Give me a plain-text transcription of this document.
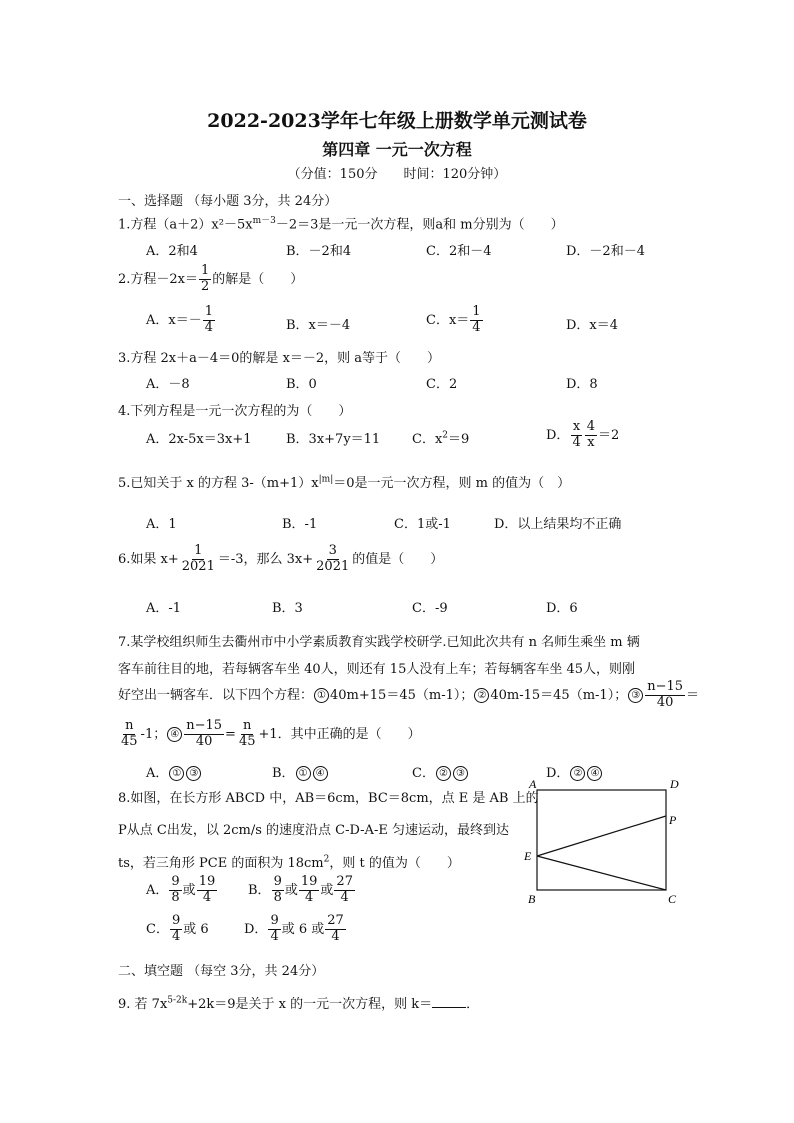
2022-2023学年七年级上册数学单元测试卷
第四章 一元一次方程
（分值：150分　　时间：120分钟）
一、选择题 （每小题 3分，共 24分）
1.方程$(a+2)x^2-5x^{m-3}-2=3$是一元一次方程，则a和 m分别为（　　）
A．2和4	B．－2和4	C．2和－4	D．－2和－4
2.方程$-2x= \frac{1}{2}$ 的解是（　　）
A．$x=- \frac{1}{4}$	B．x＝－4	C．$x= \frac{1}{4}$	D．x＝4
3.方程 2x＋a－4＝0的解是 x＝－2，则 a等于（　　）
A．－8	B．0	C．2	D．8
4.下列方程是一元一次方程的为（　　）
A．2x-5x＝3x+1	B．3x+7y＝11 C．$x^2=9$	D． $\frac{x}{4} \frac{4}{x} =2$
5.已知关于 x 的方程 $3-(m+1)x^{|m|}=0$是一元一次方程，则 m 的值为（　）
A．1	B．-1	C．1或-1	D．以上结果均不正确
6.如果 $x+ \frac{1}{2021} =-3$，那么 $3x+ \frac{3}{2021}$ 的值是（　　）
A．-1	B．3	C．-9	D．6
7.某学校组织师生去衢州市中小学素质教育实践学校研学.已知此次共有 n 名师生乘坐 m 辆
客车前往目的地，若每辆客车坐 40人，则还有 15人没有上车；若每辆客车坐 45人，则刚
好空出一辆客车．以下四个方程： ① 40m+15＝45（m-1）； ② 40m-15＝45（m-1）； ③ $\frac{n-15}{40}$ ＝
$\frac{n}{45} -1$； ④ $\frac{n-15}{40} = \frac{n}{45} +1$．其中正确的是（　　）
A． ① ③	B． ① ④	C． ② ③	D． ② ④
8.如图，在长方形 ABCD 中，AB＝6cm，BC＝8cm，点 E 是 AB 上的
P从点 C出发，以 2cm/s 的速度沿点 C-D-A-E 匀速运动，最终到达
ts，若三角形 PCE 的面积为 $18cm^2$，则 t 的值为（　　）
A． $\frac{9}{8}$ 或 $\frac{19}{4}$ B． $\frac{9}{8}$ 或 $\frac{19}{4}$ 或 $\frac{27}{4}$
C． $\frac{9}{4}$ 或 6	D． $\frac{9}{4}$ 或 6 或 $\frac{27}{4}$
A	D
P
E
B	C
二、填空题 （每空 3分，共 24分）
9. 若 $7x^{5-2k}+2k=9$是关于 x 的一元一次方程，则 k＝	．
